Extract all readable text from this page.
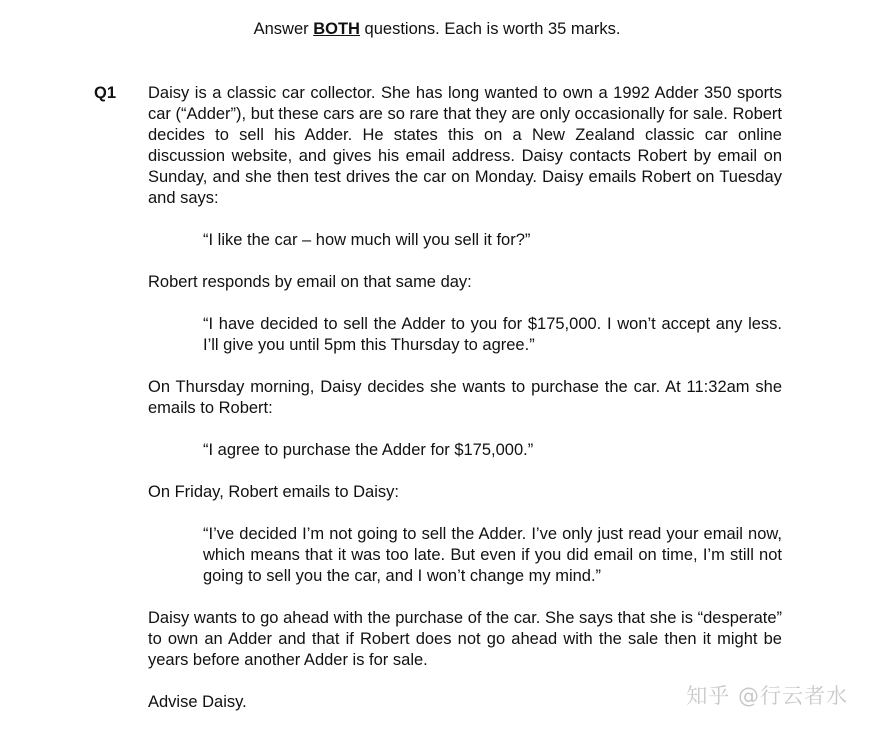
Answer BOTH questions. Each is worth 35 marks.
Q1 Daisy is a classic car collector. She has long wanted to own a 1992 Adder 350 sports car (“Adder”), but these cars are so rare that they are only occasionally for sale. Robert decides to sell his Adder. He states this on a New Zealand classic car online discussion website, and gives his email address. Daisy contacts Robert by email on Sunday, and she then test drives the car on Monday. Daisy emails Robert on Tuesday and says:

“I like the car – how much will you sell it for?”

Robert responds by email on that same day:

“I have decided to sell the Adder to you for $175,000. I won’t accept any less. I’ll give you until 5pm this Thursday to agree.”

On Thursday morning, Daisy decides she wants to purchase the car. At 11:32am she emails to Robert:

“I agree to purchase the Adder for $175,000.”

On Friday, Robert emails to Daisy:

“I’ve decided I’m not going to sell the Adder. I’ve only just read your email now, which means that it was too late. But even if you did email on time, I’m still not going to sell you the car, and I won’t change my mind.”

Daisy wants to go ahead with the purchase of the car. She says that she is “desperate” to own an Adder and that if Robert does not go ahead with the sale then it might be years before another Adder is for sale.

Advise Daisy.	知乎 @行云者水
